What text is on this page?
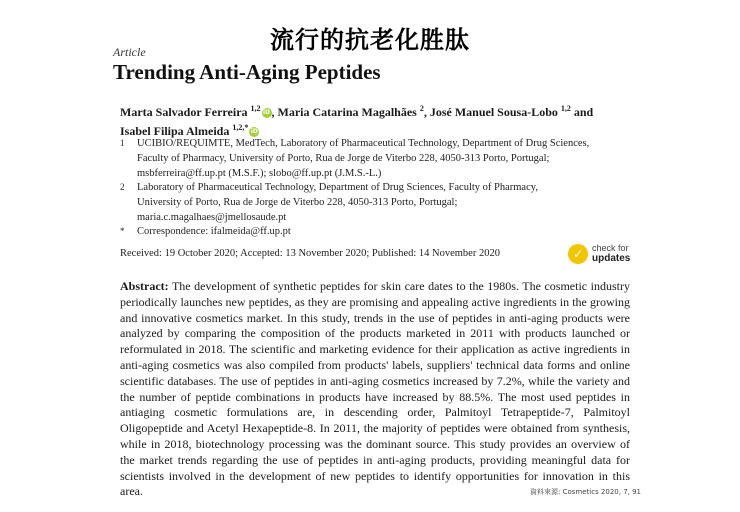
流行的抗老化胜肽
Article
Trending Anti-Aging Peptides
Marta Salvador Ferreira $^{1,2}$ iD, Maria Catarina Magalhães $^2$, José Manuel Sousa-Lobo $^{1,2}$ and
Isabel Filipa Almeida $^{1,2,*}$ iD
1 UCIBIO/REQUIMTE, MedTech, Laboratory of Pharmaceutical Technology, Department of Drug Sciences,
Faculty of Pharmacy, University of Porto, Rua de Jorge de Viterbo 228, 4050-313 Porto, Portugal;
msbferreira@ff.up.pt (M.S.F.); slobo@ff.up.pt (J.M.S.-L.)
2 Laboratory of Pharmaceutical Technology, Department of Drug Sciences, Faculty of Pharmacy,
University of Porto, Rua de Jorge de Viterbo 228, 4050-313 Porto, Portugal;
maria.c.magalhaes@jmellosaude.pt
* Correspondence: ifalmeida@ff.up.pt
Received: 19 October 2020; Accepted: 13 November 2020; Published: 14 November 2020	✓ check for
updates
Abstract: The development of synthetic peptides for skin care dates to the 1980s. The cosmetic industry periodically launches new peptides, as they are promising and appealing active ingredients in the growing and innovative cosmetics market. In this study, trends in the use of peptides in anti-aging products were analyzed by comparing the composition of the products marketed in 2011 with products launched or reformulated in 2018. The scientific and marketing evidence for their application as active ingredients in anti-aging cosmetics was also compiled from products' labels, suppliers' technical data forms and online scientific databases. The use of peptides in anti-aging cosmetics increased by 7.2%, while the variety and the number of peptide combinations in products have increased by 88.5%. The most used peptides in antiaging cosmetic formulations are, in descending order, Palmitoyl Tetrapeptide-7, Palmitoyl Oligopeptide and Acetyl Hexapeptide-8. In 2011, the majority of peptides were obtained from synthesis, while in 2018, biotechnology processing was the dominant source. This study provides an overview of the market trends regarding the use of peptides in anti-aging products, providing meaningful data for scientists involved in the development of new peptides to identify opportunities for innovation in this area.	資料來源: Cosmetics 2020, 7, 91
